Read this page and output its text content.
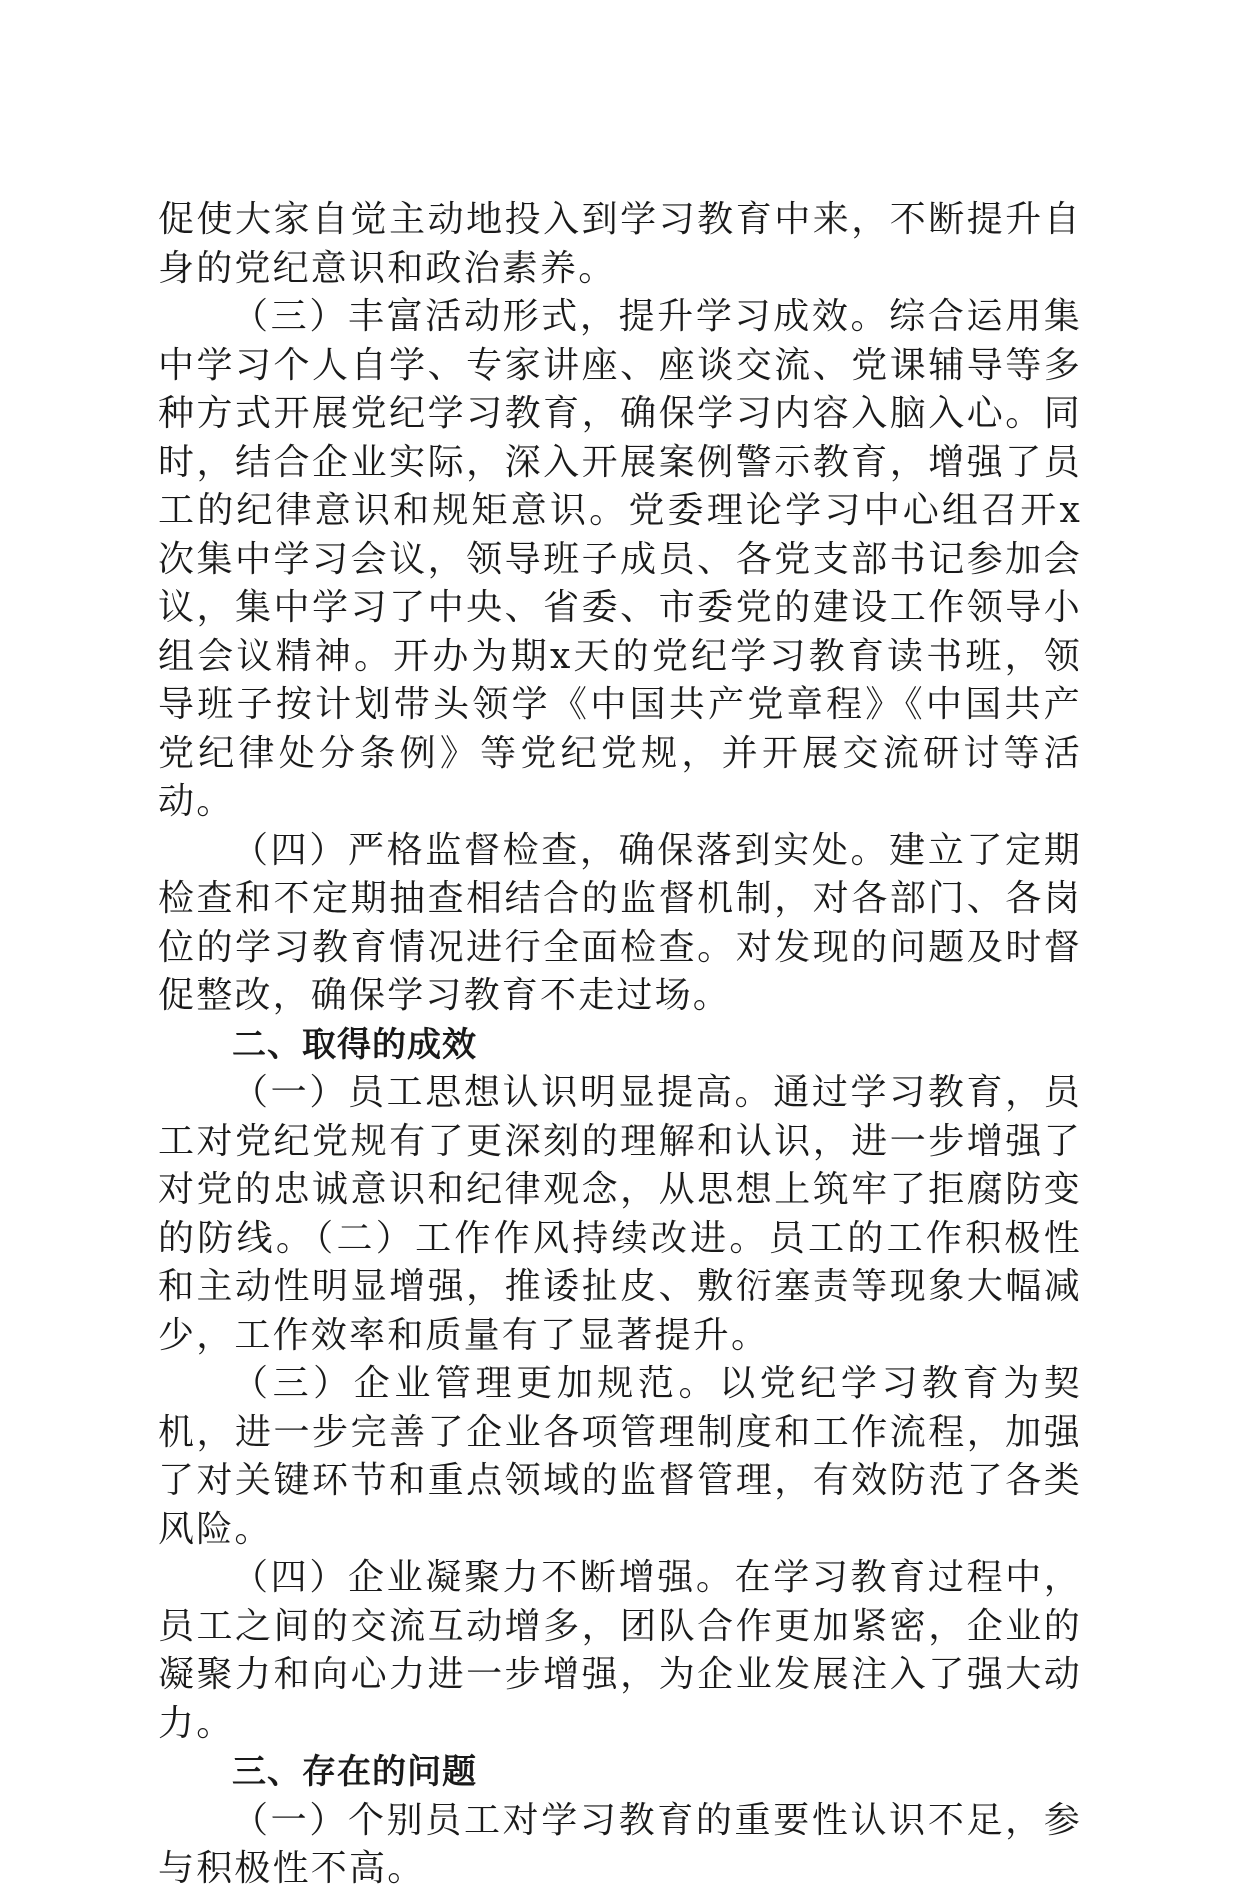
促使大家自觉主动地投入到学习教育中来，不断提升自身的党纪意识和政治素养。

（三）丰富活动形式，提升学习成效。综合运用集中学习个人自学、专家讲座、座谈交流、党课辅导等多种方式开展党纪学习教育，确保学习内容入脑入心。同时，结合企业实际，深入开展案例警示教育，增强了员工的纪律意识和规矩意识。党委理论学习中心组召开x次集中学习会议，领导班子成员、各党支部书记参加会议，集中学习了中央、省委、市委党的建设工作领导小组会议精神。开办为期x天的党纪学习教育读书班，领导班子按计划带头领学《中国共产党章程》《中国共产党纪律处分条例》等党纪党规，并开展交流研讨等活动。

（四）严格监督检查，确保落到实处。建立了定期检查和不定期抽查相结合的监督机制，对各部门、各岗位的学习教育情况进行全面检查。对发现的问题及时督促整改，确保学习教育不走过场。

二、取得的成效

（一）员工思想认识明显提高。通过学习教育，员工对党纪党规有了更深刻的理解和认识，进一步增强了对党的忠诚意识和纪律观念，从思想上筑牢了拒腐防变的防线。（二）工作作风持续改进。员工的工作积极性和主动性明显增强，推诿扯皮、敷衍塞责等现象大幅减少，工作效率和质量有了显著提升。

（三）企业管理更加规范。以党纪学习教育为契机，进一步完善了企业各项管理制度和工作流程，加强了对关键环节和重点领域的监督管理，有效防范了各类风险。

（四）企业凝聚力不断增强。在学习教育过程中，员工之间的交流互动增多，团队合作更加紧密，企业的凝聚力和向心力进一步增强，为企业发展注入了强大动力。

三、存在的问题

（一）个别员工对学习教育的重要性认识不足，参与积极性不高。
